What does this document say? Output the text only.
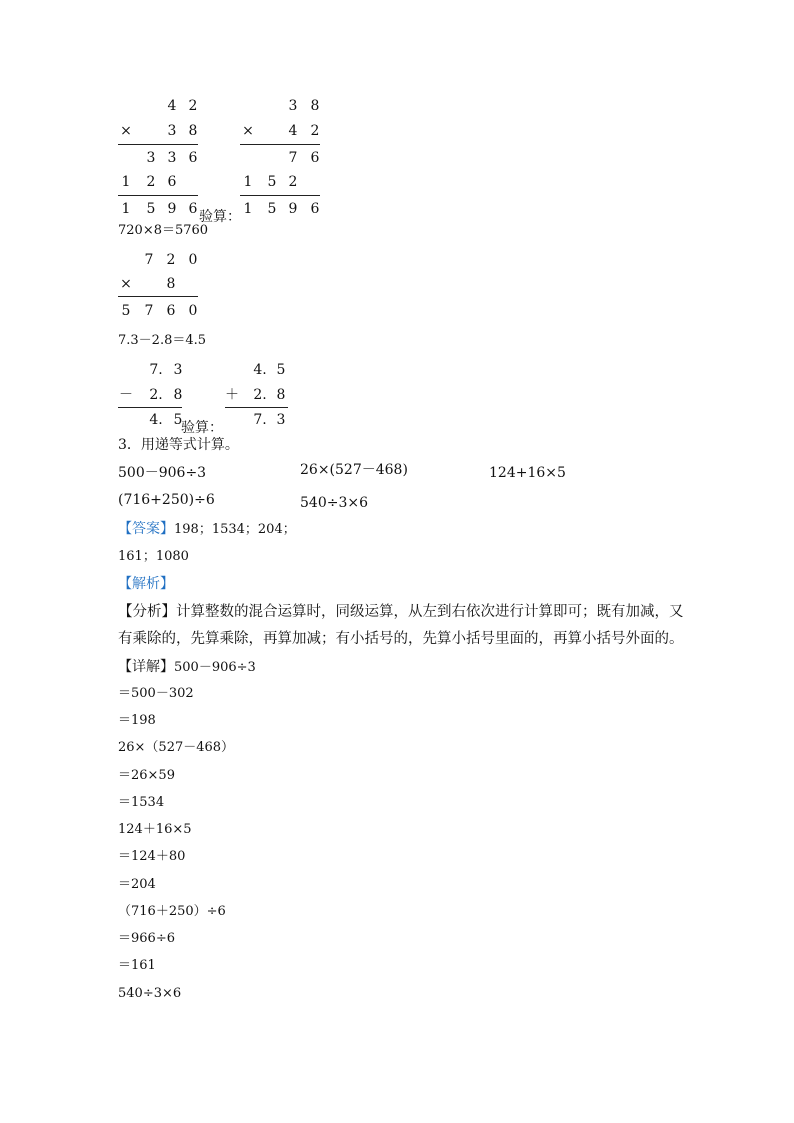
4 2
×	3 8
3 3 6
1 2 6
1 5 9 6 验算：
3 8
× 4 2
7 6
1 5 2
1 5 9 6
720×8＝5760
7 2 0
× 8
5 7 6 0
7.3－2.8＝4.5
7. 3
－ 2. 8
4. 5
验算：
4. 5
＋ 2. 8
7. 3
3．用递等式计算。
500－906÷3	26×(527－468)	124+16×5
(716+250)÷6	540÷3×6
【答案】198；1534；204；
161；1080
【解析】
【分析】计算整数的混合运算时，同级运算，从左到右依次进行计算即可；既有加减，又
有乘除的，先算乘除，再算加减；有小括号的，先算小括号里面的，再算小括号外面的。
【详解】500－906÷3
＝500－302
＝198
26×（527－468）
＝1534
＝26×59
124＋16×5
＝124＋80
＝204
（716＋250）÷6
＝966÷6
＝161
540÷3×6
